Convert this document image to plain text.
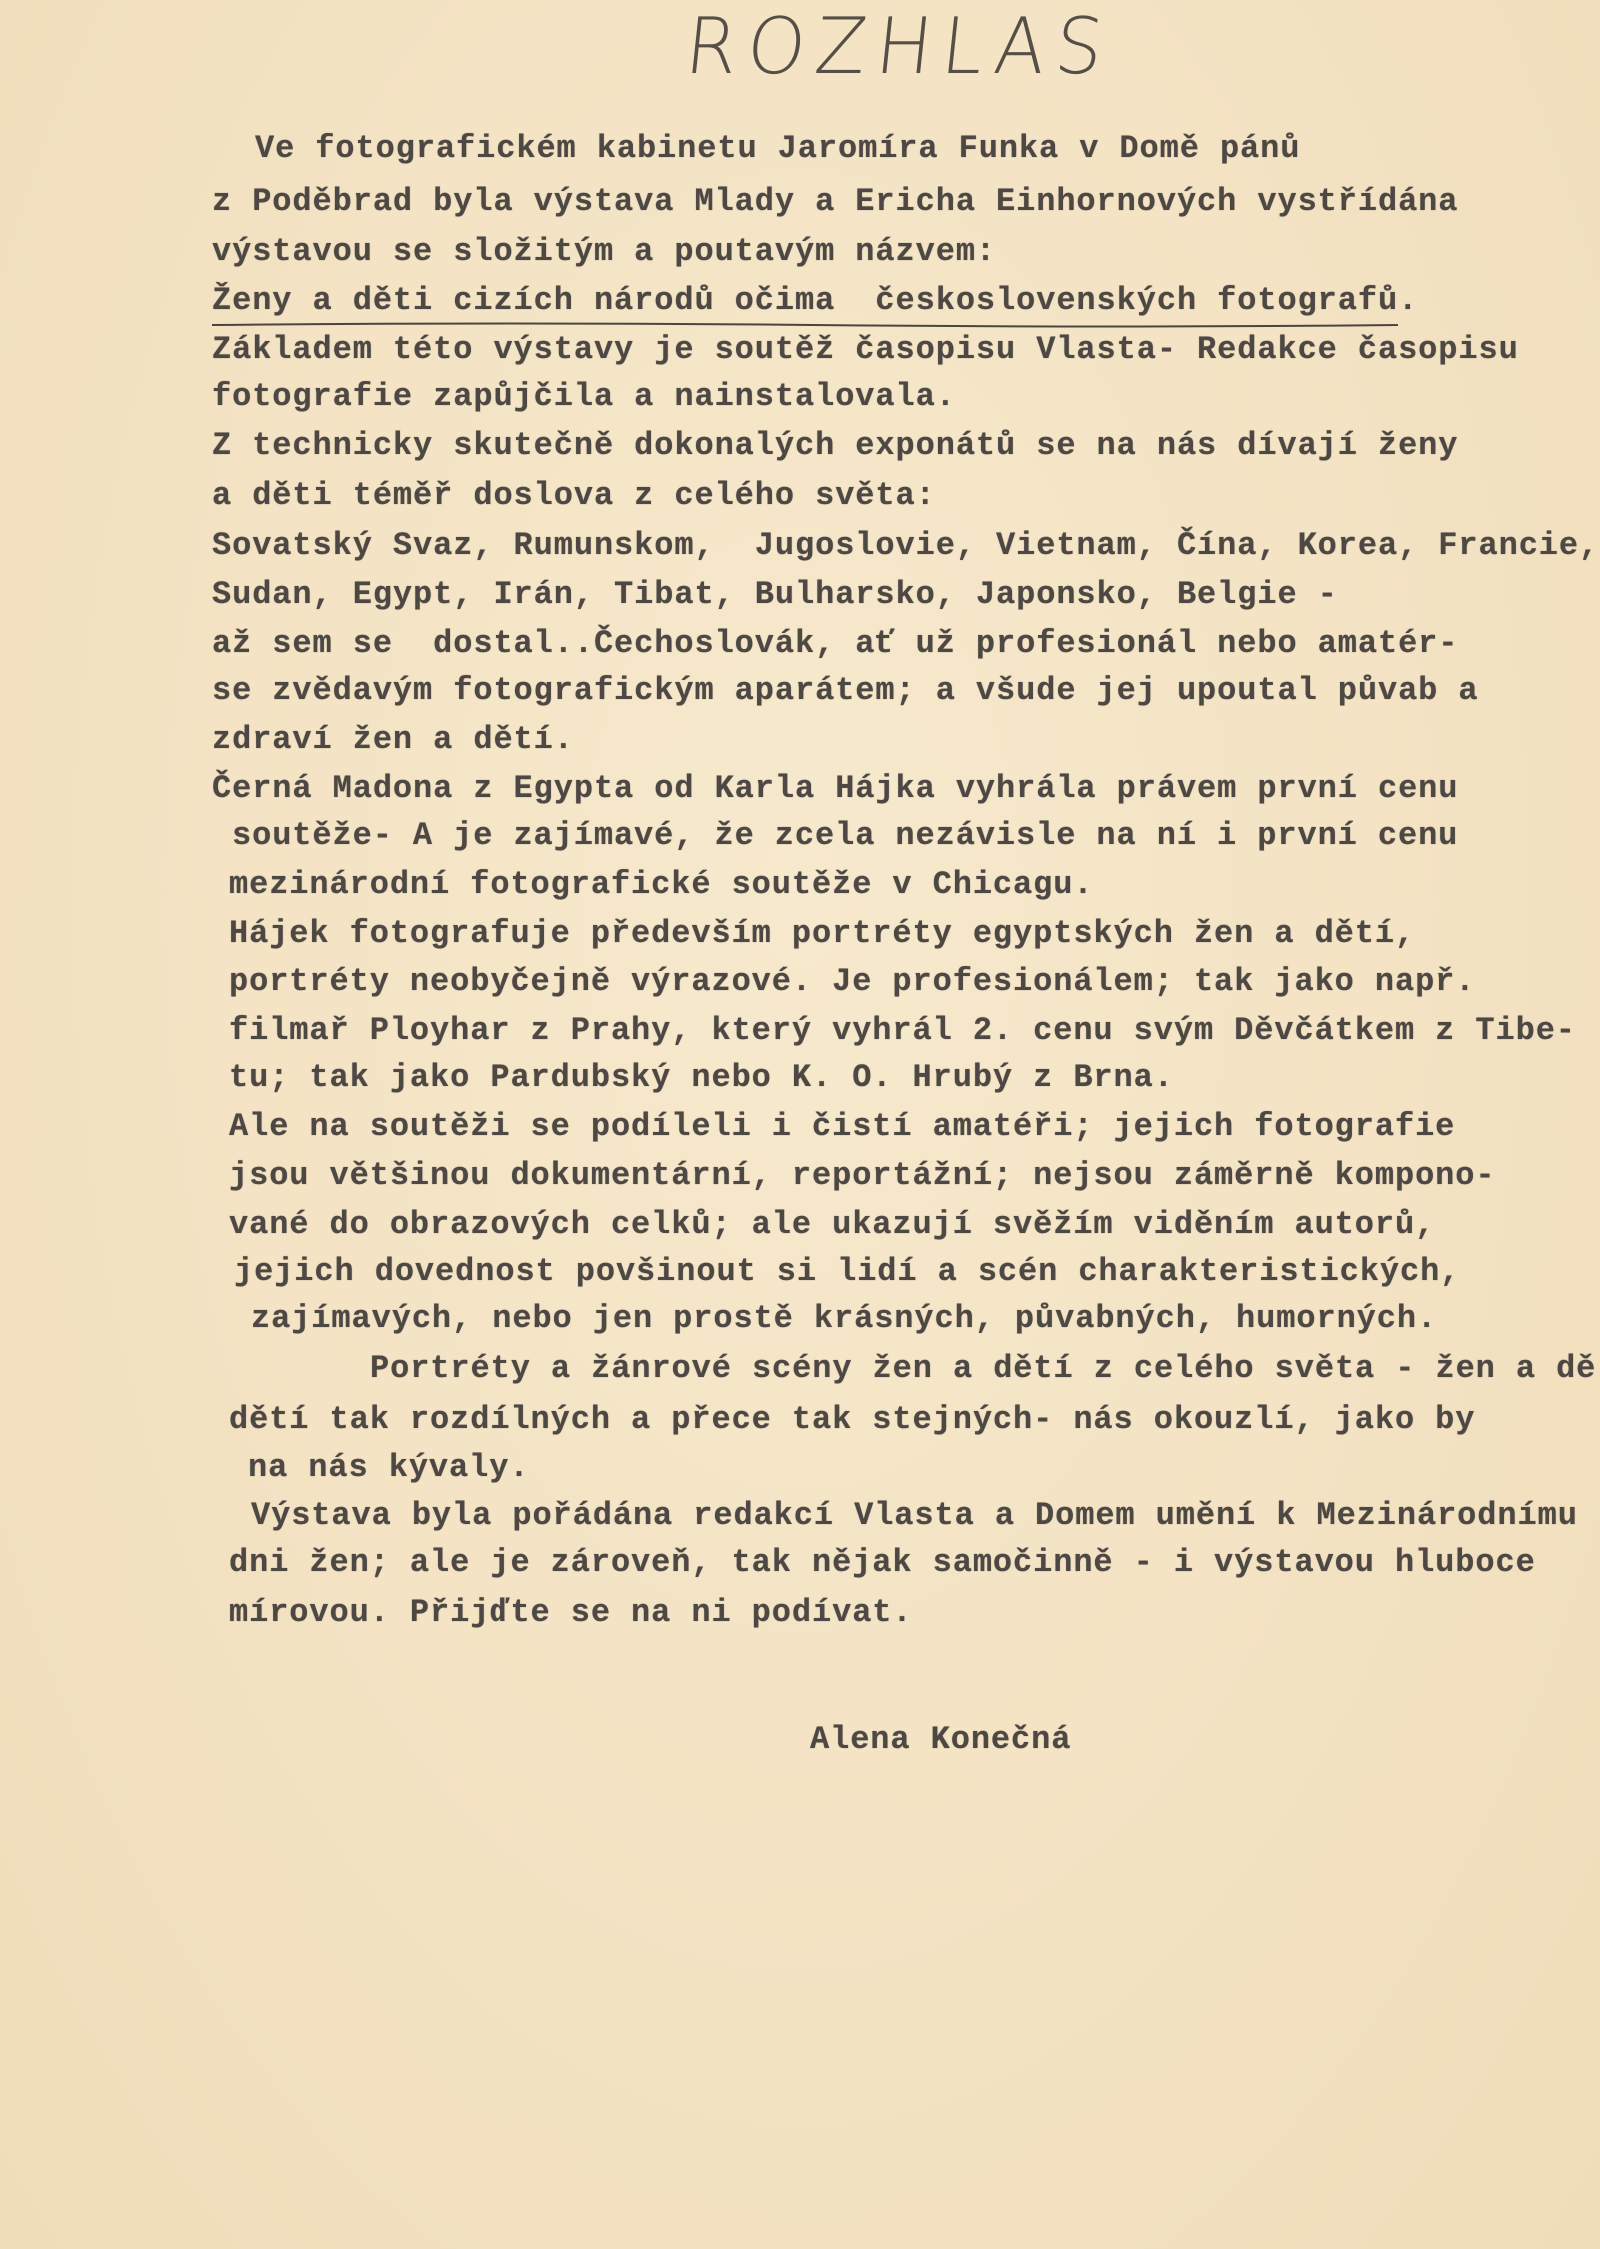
ROZHLAS
Ve fotografickém kabinetu Jaromíra Funka v Domě pánů
z Poděbrad byla výstava Mlady a Ericha Einhornových vystřídána
výstavou se složitým a poutavým názvem:
Ženy a děti cizích národů očima  československých fotografů.
Základem této výstavy je soutěž časopisu Vlasta- Redakce časopisu
fotografie zapůjčila a nainstalovala.
Z technicky skutečně dokonalých exponátů se na nás dívají ženy
a děti téměř doslova z celého světa:
Sovatský Svaz, Rumunskom,  Jugoslovie, Vietnam, Čína, Korea, Francie,
Sudan, Egypt, Irán, Tibat, Bulharsko, Japonsko, Belgie -
až sem se  dostal..Čechoslovák, ať už profesionál nebo amatér-
se zvědavým fotografickým aparátem; a všude jej upoutal půvab a
zdraví žen a dětí.
Černá Madona z Egypta od Karla Hájka vyhrála právem první cenu
soutěže- A je zajímavé, že zcela nezávisle na ní i první cenu
mezinárodní fotografické soutěže v Chicagu.
Hájek fotografuje především portréty egyptských žen a dětí,
portréty neobyčejně výrazové. Je profesionálem; tak jako např.
filmař Ployhar z Prahy, který vyhrál 2. cenu svým Děvčátkem z Tibe-
tu; tak jako Pardubský nebo K. O. Hrubý z Brna.
Ale na soutěži se podíleli i čistí amatéři; jejich fotografie
jsou většinou dokumentární, reportážní; nejsou záměrně kompono-
vané do obrazových celků; ale ukazují svěžím viděním autorů,
jejich dovednost povšinout si lidí a scén charakteristických,
zajímavých, nebo jen prostě krásných, půvabných, humorných.
Portréty a žánrové scény žen a dětí z celého světa - žen a dě
dětí tak rozdílných a přece tak stejných- nás okouzlí, jako by
na nás kývaly.
Výstava byla pořádána redakcí Vlasta a Domem umění k Mezinárodnímu
dni žen; ale je zároveň, tak nějak samočinně - i výstavou hluboce
mírovou. Přijďte se na ni podívat.
Alena Konečná
